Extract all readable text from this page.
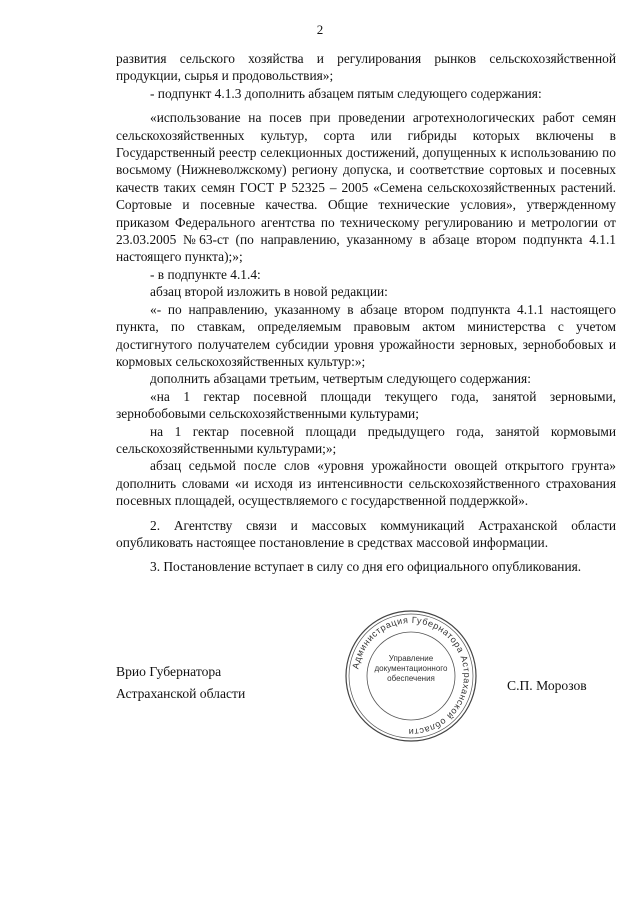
2

развития сельского хозяйства и регулирования рынков сельскохозяйственной продукции, сырья и продовольствия»;

- подпункт 4.1.3 дополнить абзацем пятым следующего содержания:

«использование на посев при проведении агротехнологических работ семян сельскохозяйственных культур, сорта или гибриды которых включены в Государственный реестр селекционных достижений, допущенных к использованию по восьмому (Нижневолжскому) региону допуска, и соответствие сортовых и посевных качеств таких семян ГОСТ Р 52325 – 2005 «Семена сельскохозяйственных растений. Сортовые и посевные качества. Общие технические условия», утвержденному приказом Федерального агентства по техническому регулированию и метрологии от 23.03.2005 №63-ст (по направлению, указанному в абзаце втором подпункта 4.1.1 настоящего пункта);»;

- в подпункте 4.1.4:

абзац второй изложить в новой редакции:

«- по направлению, указанному в абзаце втором подпункта 4.1.1 настоящего пункта, по ставкам, определяемым правовым актом министерства с учетом достигнутого получателем субсидии уровня урожайности зерновых, зернобобовых и кормовых сельскохозяйственных культур:»;

дополнить абзацами третьим, четвертым следующего содержания:

«на 1 гектар посевной площади текущего года, занятой зерновыми, зернобобовыми сельскохозяйственными культурами;

на 1 гектар посевной площади предыдущего года, занятой кормовыми сельскохозяйственными культурами;»;

абзац седьмой после слов «уровня урожайности овощей открытого грунта» дополнить словами «и исходя из интенсивности сельскохозяйственного страхования посевных площадей, осуществляемого с государственной поддержкой».

2. Агентству связи и массовых коммуникаций Астраханской области опубликовать настоящее постановление в средствах массовой информации.

3. Постановление вступает в силу со дня его официального опубликования.

Врио Губернатора
Астраханской области
Администрация Губернатора Астраханской области
Управление
документационного
обеспечения	С.П. Морозов
